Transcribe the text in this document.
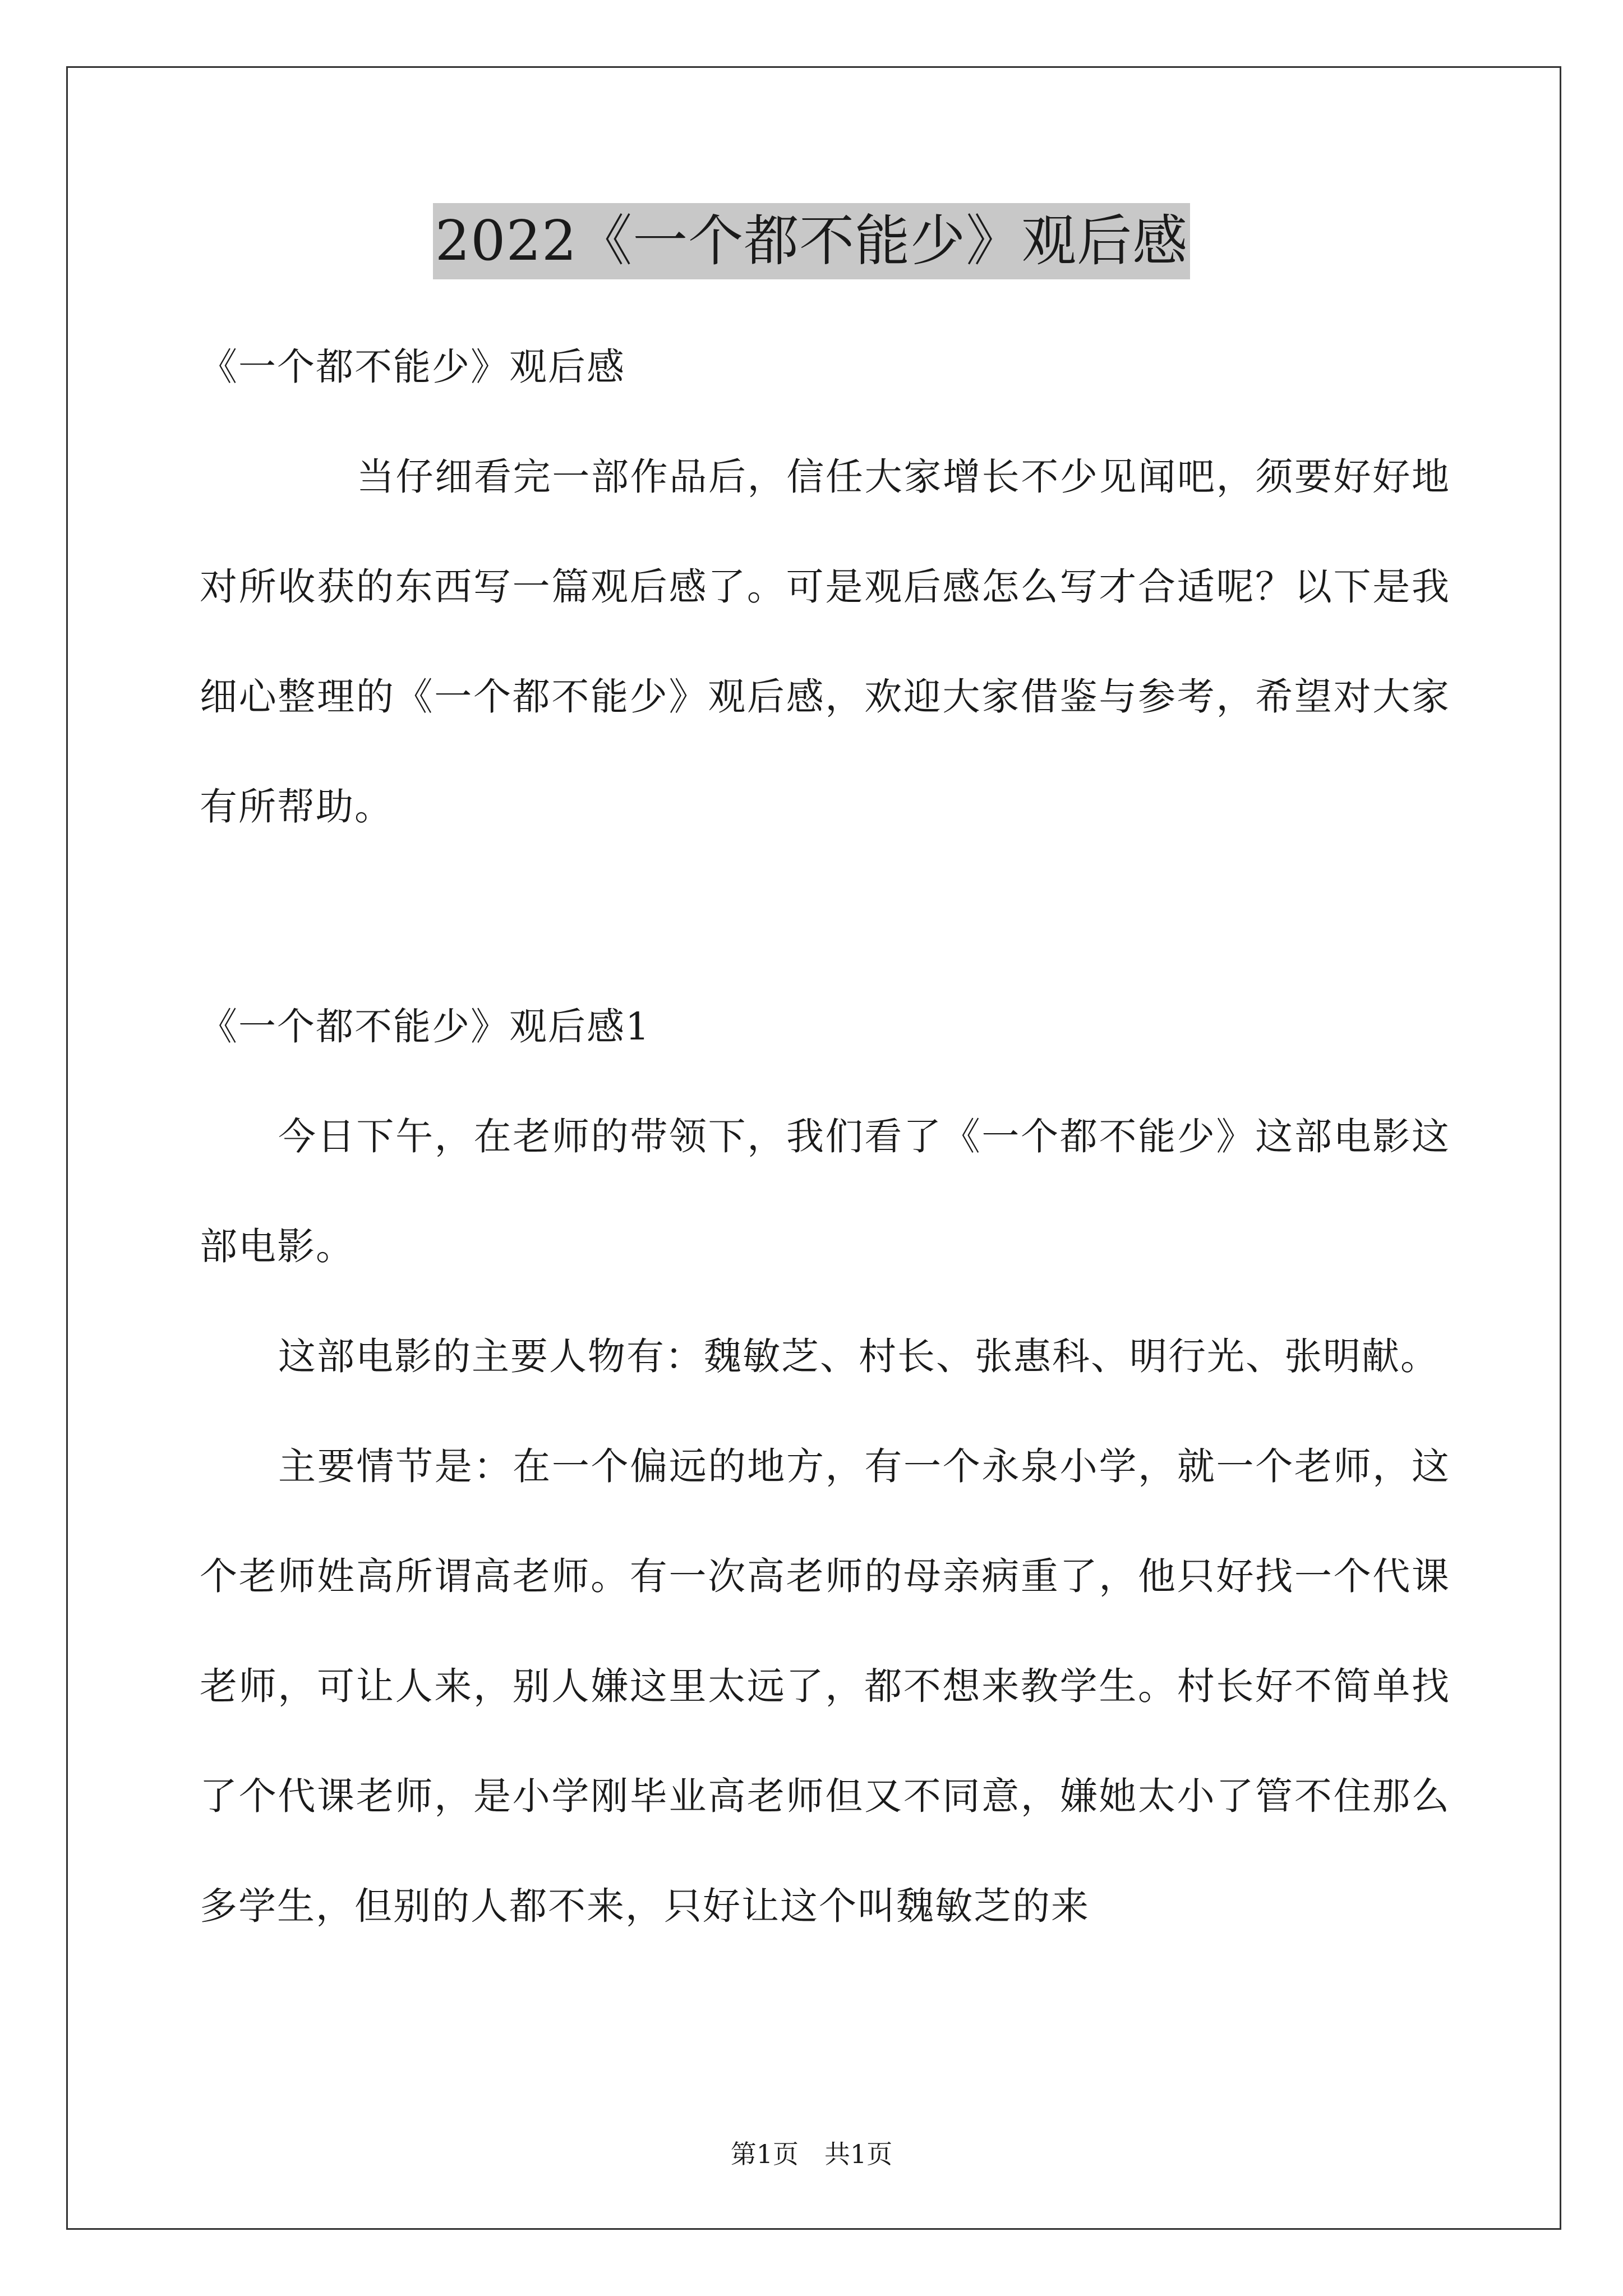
2022《一个都不能少》观后感

《一个都不能少》观后感

当仔细看完一部作品后，信任大家增长不少见闻吧，须要好好地对所收获的东西写一篇观后感了。可是观后感怎么写才合适呢？以下是我细心整理的《一个都不能少》观后感，欢迎大家借鉴与参考，希望对大家有所帮助。

《一个都不能少》观后感1

今日下午，在老师的带领下，我们看了《一个都不能少》这部电影这部电影。

这部电影的主要人物有：魏敏芝、村长、张惠科、明行光、张明献。

主要情节是：在一个偏远的地方，有一个永泉小学，就一个老师，这个老师姓高所谓高老师。有一次高老师的母亲病重了，他只好找一个代课老师，可让人来，别人嫌这里太远了，都不想来教学生。村长好不简单找了个代课老师，是小学刚毕业高老师但又不同意，嫌她太小了管不住那么多学生，但别的人都不来，只好让这个叫魏敏芝的来

第1页　共1页
